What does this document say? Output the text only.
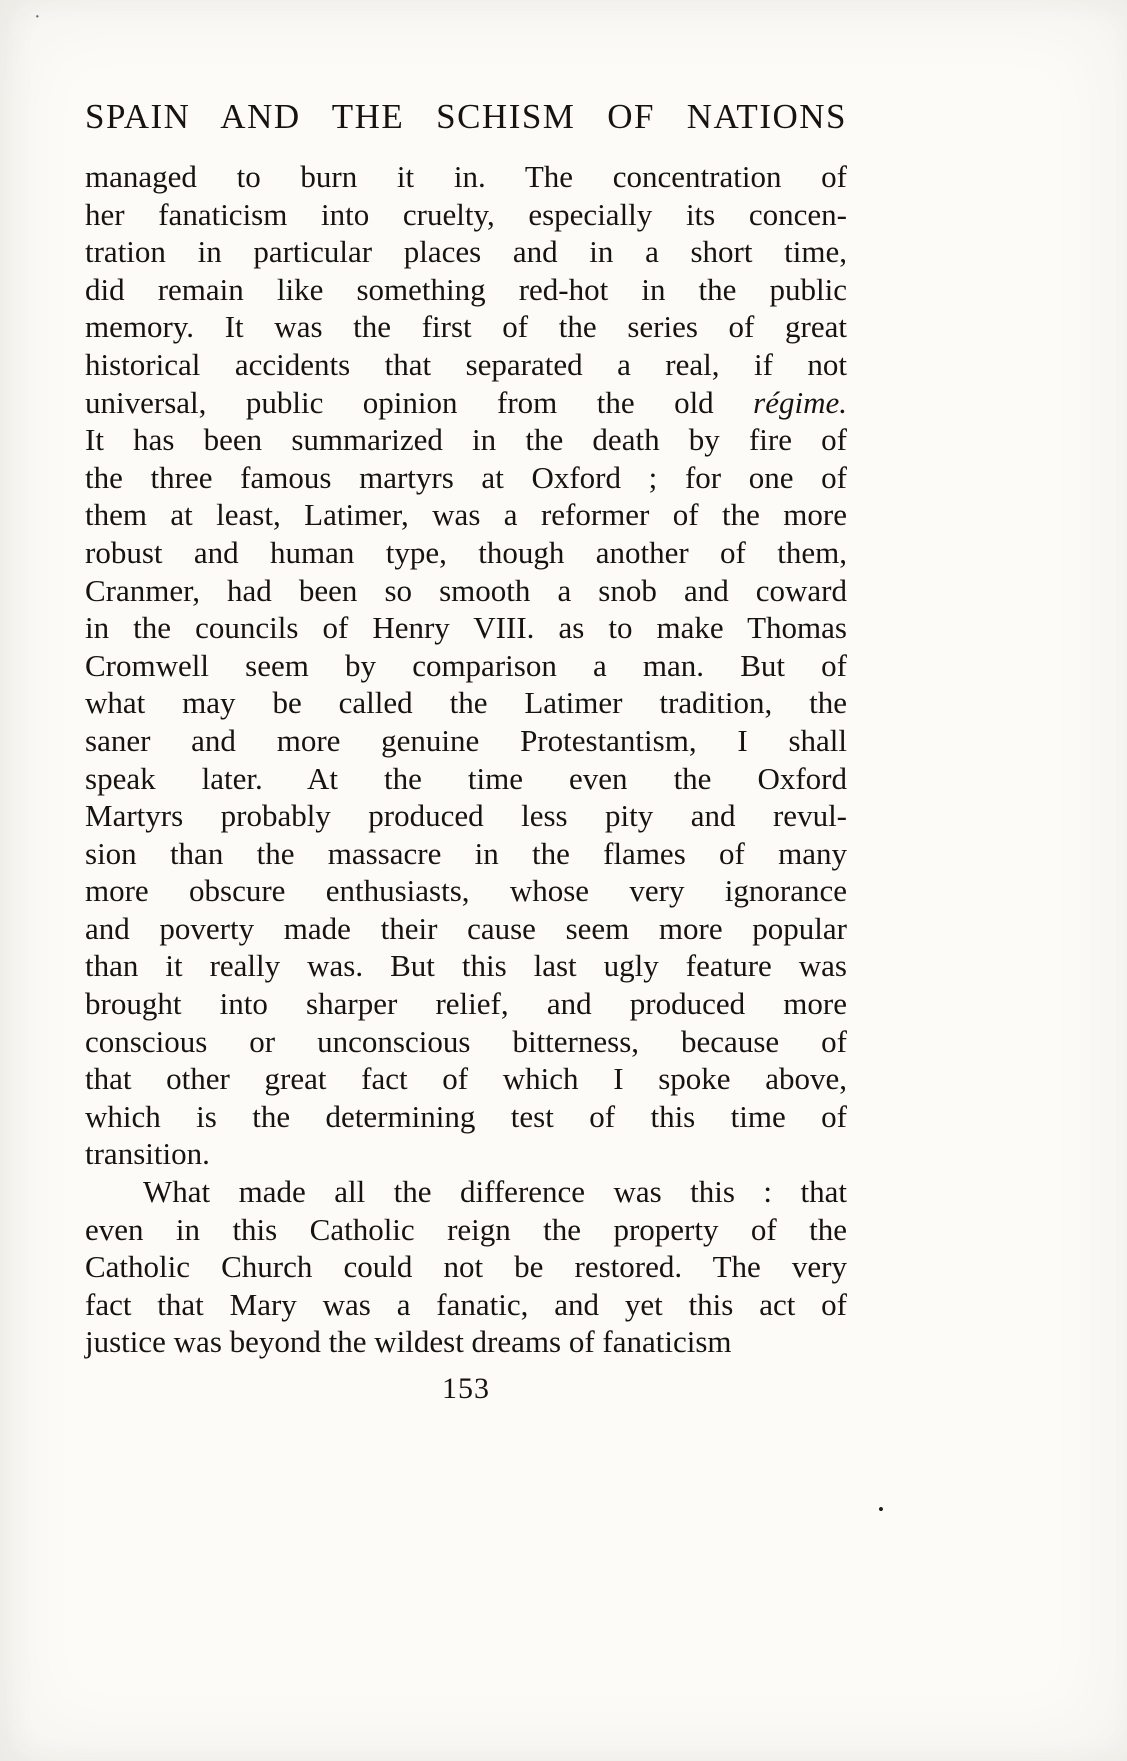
·
SPAIN AND THE SCHISM OF NATIONS
managed to burn it in. The concentration of
her fanaticism into cruelty, especially its concen-
tration in particular places and in a short time,
did remain like something red-hot in the public
memory. It was the first of the series of great
historical accidents that separated a real, if not
universal, public opinion from the old régime.
It has been summarized in the death by fire of
the three famous martyrs at Oxford ; for one of
them at least, Latimer, was a reformer of the more
robust and human type, though another of them,
Cranmer, had been so smooth a snob and coward
in the councils of Henry VIII. as to make Thomas
Cromwell seem by comparison a man. But of
what may be called the Latimer tradition, the
saner and more genuine Protestantism, I shall
speak later. At the time even the Oxford
Martyrs probably produced less pity and revul-
sion than the massacre in the flames of many
more obscure enthusiasts, whose very ignorance
and poverty made their cause seem more popular
than it really was. But this last ugly feature was
brought into sharper relief, and produced more
conscious or unconscious bitterness, because of
that other great fact of which I spoke above,
which is the determining test of this time of
transition.
What made all the difference was this : that
even in this Catholic reign the property of the
Catholic Church could not be restored. The very
fact that Mary was a fanatic, and yet this act of
justice was beyond the wildest dreams of fanaticism
153
•
